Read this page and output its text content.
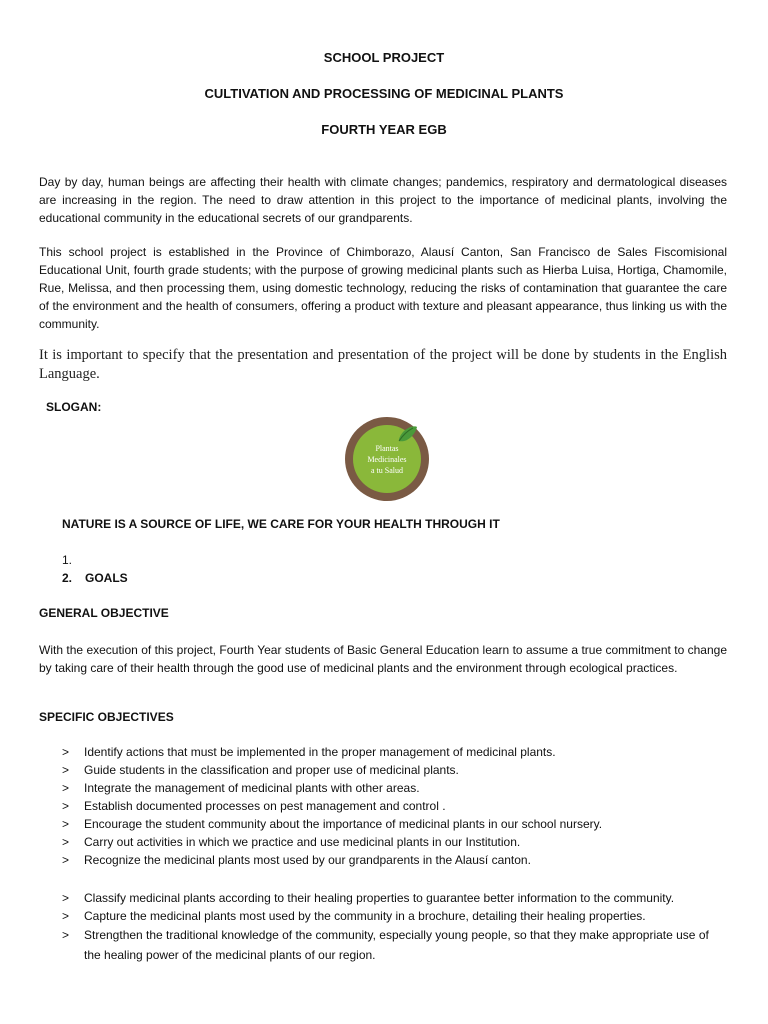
SCHOOL PROJECT

CULTIVATION AND PROCESSING OF MEDICINAL PLANTS

FOURTH YEAR EGB

Day by day, human beings are affecting their health with climate changes; pandemics, respiratory and dermatological diseases are increasing in the region. The need to draw attention in this project to the importance of medicinal plants, involving the educational community in the educational secrets of our grandparents.

This school project is established in the Province of Chimborazo, Alausí Canton, San Francisco de Sales Fiscomisional Educational Unit, fourth grade students; with the purpose of growing medicinal plants such as Hierba Luisa, Hortiga, Chamomile, Rue, Melissa, and then processing them, using domestic technology, reducing the risks of contamination that guarantee the care of the environment and the health of consumers, offering a product with texture and pleasant appearance, thus linking us with the community.

It is important to specify that the presentation and presentation of the project will be done by students in the English Language.

SLOGAN:

Plantas
Medicinales
a tu Salud

NATURE IS A SOURCE OF LIFE, WE CARE FOR YOUR HEALTH THROUGH IT

1.
2. GOALS

GENERAL OBJECTIVE

With the execution of this project, Fourth Year students of Basic General Education learn to assume a true commitment to change by taking care of their health through the good use of medicinal plants and the environment through ecological practices.

SPECIFIC OBJECTIVES

> Identify actions that must be implemented in the proper management of medicinal plants.
> Guide students in the classification and proper use of medicinal plants.
> Integrate the management of medicinal plants with other areas.
> Establish documented processes on pest management and control .
> Encourage the student community about the importance of medicinal plants in our school nursery.
> Carry out activities in which we practice and use medicinal plants in our Institution.
> Recognize the medicinal plants most used by our grandparents in the Alausí canton.
> Classify medicinal plants according to their healing properties to guarantee better information to the community.
> Capture the medicinal plants most used by the community in a brochure, detailing their healing properties.
> Strengthen the traditional knowledge of the community, especially young people, so that they make appropriate use of the healing power of the medicinal plants of our region.
